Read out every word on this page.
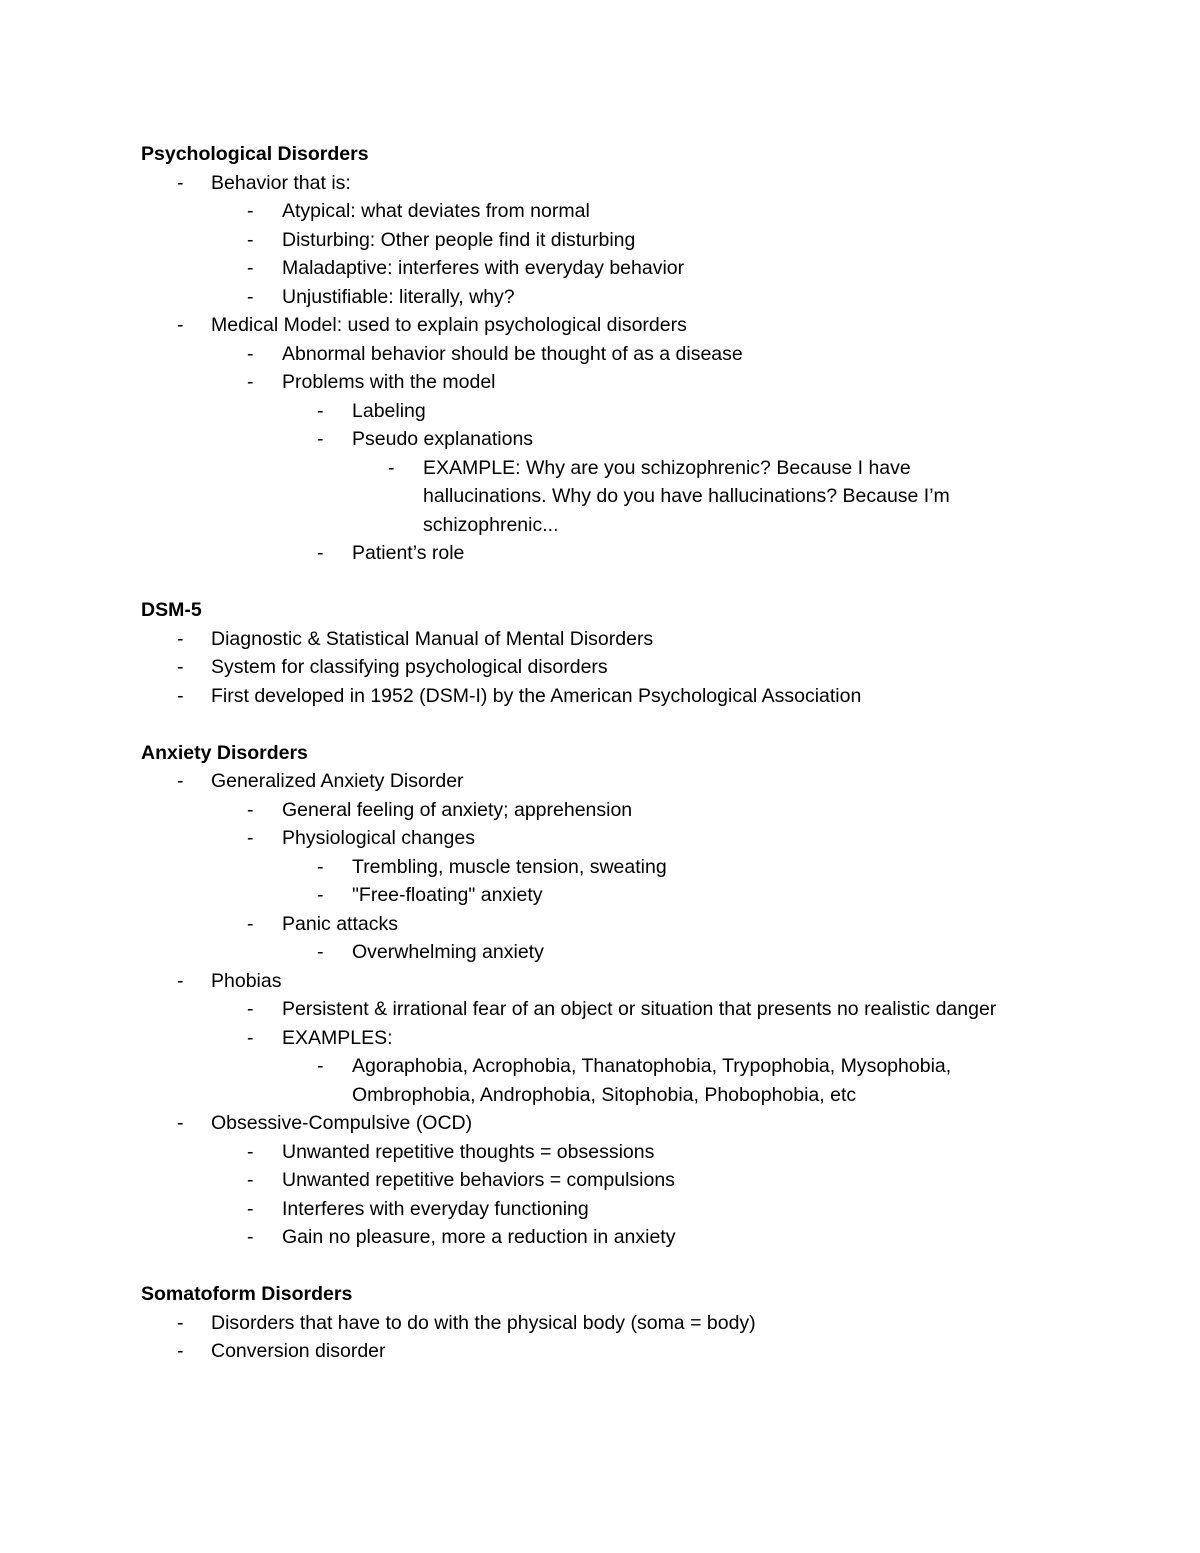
Psychological Disorders
- Behavior that is:
- Atypical: what deviates from normal
- Disturbing: Other people find it disturbing
- Maladaptive: interferes with everyday behavior
- Unjustifiable: literally, why?
- Medical Model: used to explain psychological disorders
- Abnormal behavior should be thought of as a disease
- Problems with the model
- Labeling
- Pseudo explanations
- EXAMPLE: Why are you schizophrenic? Because I have hallucinations. Why do you have hallucinations? Because I’m schizophrenic...
- Patient’s role
DSM-5
- Diagnostic & Statistical Manual of Mental Disorders
- System for classifying psychological disorders
- First developed in 1952 (DSM-I) by the American Psychological Association
Anxiety Disorders
- Generalized Anxiety Disorder
- General feeling of anxiety; apprehension
- Physiological changes
- Trembling, muscle tension, sweating
- "Free-floating" anxiety
- Panic attacks
- Overwhelming anxiety
- Phobias
- Persistent & irrational fear of an object or situation that presents no realistic danger
- EXAMPLES:
- Agoraphobia, Acrophobia, Thanatophobia, Trypophobia, Mysophobia, Ombrophobia, Androphobia, Sitophobia, Phobophobia, etc
- Obsessive-Compulsive (OCD)
- Unwanted repetitive thoughts = obsessions
- Unwanted repetitive behaviors = compulsions
- Interferes with everyday functioning
- Gain no pleasure, more a reduction in anxiety
Somatoform Disorders
- Disorders that have to do with the physical body (soma = body)
- Conversion disorder
